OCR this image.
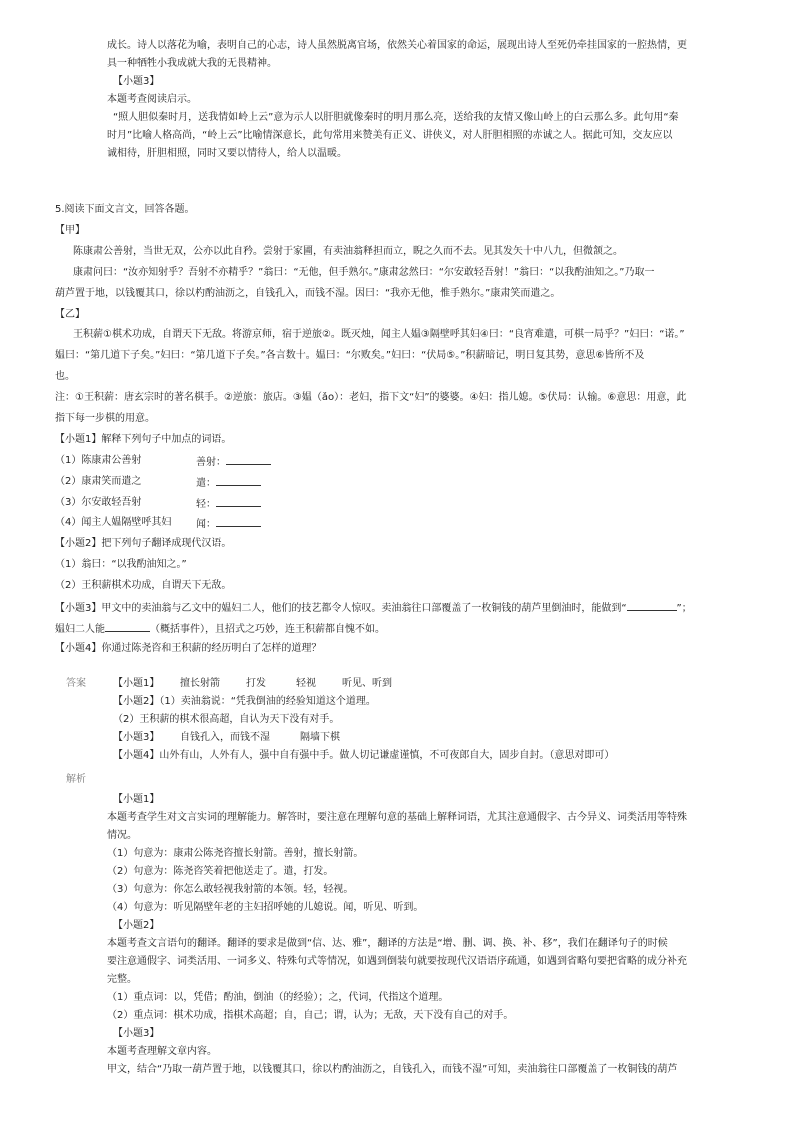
成长。诗人以落花为喻，表明自己的心志，诗人虽然脱离官场，依然关心着国家的命运，展现出诗人至死仍牵挂国家的一腔热情，更
具一种牺牲小我成就大我的无畏精神。
【小题3】
本题考查阅读启示。
“照人胆似秦时月，送我情如岭上云”意为示人以肝胆就像秦时的明月那么亮，送给我的友情又像山岭上的白云那么多。此句用“秦
时月”比喻人格高尚，“岭上云”比喻情深意长，此句常用来赞美有正义、讲侠义，对人肝胆相照的赤诚之人。据此可知，交友应以
诚相待，肝胆相照，同时又要以情待人，给人以温暖。
5.阅读下面文言文，回答各题。
【甲】
陈康肃公善射，当世无双，公亦以此自矜。尝射于家圃，有卖油翁释担而立，睨之久而不去。见其发矢十中八九，但微颔之。
康肃问曰：“汝亦知射乎？吾射不亦精乎？”翁曰：“无他，但手熟尔。”康肃忿然曰：“尔安敢轻吾射！”翁曰：“以我酌油知之。”乃取一
葫芦置于地，以钱覆其口，徐以杓酌油沥之，自钱孔入，而钱不湿。因曰：“我亦无他，惟手熟尔。”康肃笑而遣之。
【乙】
王积薪①棋术功成，自谓天下无敌。将游京师，宿于逆旅②。既灭烛，闻主人媪③隔壁呼其妇④曰：“良宵难遣，可棋一局乎？”妇曰：“诺。”
媪曰：“第几道下子矣。”妇曰：“第几道下子矣。”各言数十。媪曰：“尔败矣。”妇曰：“伏局⑤。”积薪暗记，明日复其势，意思⑥皆所不及
也。
注：①王积薪：唐玄宗时的著名棋手。②逆旅：旅店。③媪（ǎo）：老妇，指下文“妇”的婆婆。④妇：指儿媳。⑤伏局：认输。⑥意思：用意，此
指下每一步棋的用意。
【小题1】解释下列句子中加点的词语。
（1）陈康肃公善射	善射：
（2）康肃笑而遣之	遣：
（3）尔安敢轻吾射	轻：
（4）闻主人媪隔壁呼其妇 闻：
【小题2】把下列句子翻译成现代汉语。
（1）翁曰：“以我酌油知之。”
（2）王积薪棋术功成，自谓天下无敌。
【小题3】甲文中的卖油翁与乙文中的媪妇二人，他们的技艺都令人惊叹。卖油翁往口部覆盖了一枚铜钱的葫芦里倒油时，能做到“	”；
媪妇二人能	（概括事件），且招式之巧妙，连王积薪都自愧不如。
【小题4】你通过陈尧咨和王积薪的经历明白了怎样的道理？
答案	【小题1】 擅长射箭	打发	轻视	听见、听到
【小题2】（1）卖油翁说：“凭我倒油的经验知道这个道理。
（2）王积薪的棋术很高超，自认为天下没有对手。
【小题3】 自钱孔入，而钱不湿	隔墙下棋
【小题4】山外有山，人外有人，强中自有强中手。做人切记谦虚谨慎，不可夜郎自大，固步自封。（意思对即可）
解析
【小题1】
本题考查学生对文言实词的理解能力。解答时，要注意在理解句意的基础上解释词语，尤其注意通假字、古今异义、词类活用等特殊
情况。
（1）句意为：康肃公陈尧咨擅长射箭。善射，擅长射箭。
（2）句意为：陈尧咨笑着把他送走了。遣，打发。
（3）句意为：你怎么敢轻视我射箭的本领。轻，轻视。
（4）句意为：听见隔壁年老的主妇招呼她的儿媳说。闻，听见、听到。
【小题2】
本题考查文言语句的翻译。翻译的要求是做到“信、达、雅”，翻译的方法是“增、删、调、换、补、移”，我们在翻译句子的时候
要注意通假字、词类活用、一词多义、特殊句式等情况，如遇到倒装句就要按现代汉语语序疏通，如遇到省略句要把省略的成分补充
完整。
（1）重点词：以，凭借；酌油，倒油（的经验）；之，代词，代指这个道理。
（2）重点词：棋术功成，指棋术高超；自，自己；谓，认为；无敌，天下没有自己的对手。
【小题3】
本题考查理解文章内容。
甲文，结合“乃取一葫芦置于地，以钱覆其口，徐以杓酌油沥之，自钱孔入，而钱不湿”可知，卖油翁往口部覆盖了一枚铜钱的葫芦
